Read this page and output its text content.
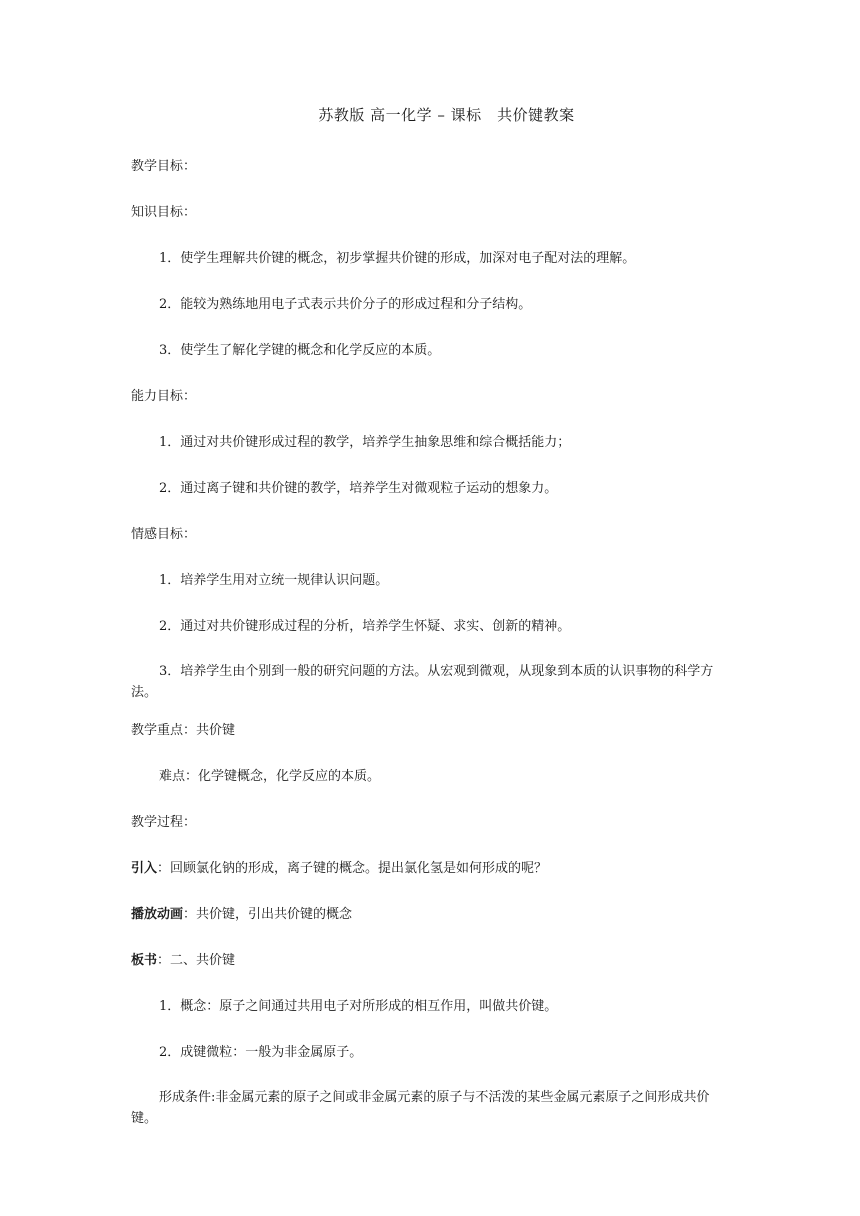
苏教版 高一化学 – 课标　共价键教案
教学目标：
知识目标：
1．使学生理解共价键的概念，初步掌握共价键的形成，加深对电子配对法的理解。
2．能较为熟练地用电子式表示共价分子的形成过程和分子结构。
3．使学生了解化学键的概念和化学反应的本质。
能力目标：
1．通过对共价键形成过程的教学，培养学生抽象思维和综合概括能力；
2．通过离子键和共价键的教学，培养学生对微观粒子运动的想象力。
情感目标：
1．培养学生用对立统一规律认识问题。
2．通过对共价键形成过程的分析，培养学生怀疑、求实、创新的精神。
3．培养学生由个别到一般的研究问题的方法。从宏观到微观，从现象到本质的认识事物的科学方法。
教学重点：共价键
难点：化学键概念，化学反应的本质。
教学过程：
引入：回顾氯化钠的形成，离子键的概念。提出氯化氢是如何形成的呢？
播放动画：共价键，引出共价键的概念
板书：二、共价键
1．概念：原子之间通过共用电子对所形成的相互作用，叫做共价键。
2．成键微粒：一般为非金属原子。
形成条件:非金属元素的原子之间或非金属元素的原子与不活泼的某些金属元素原子之间形成共价键。
